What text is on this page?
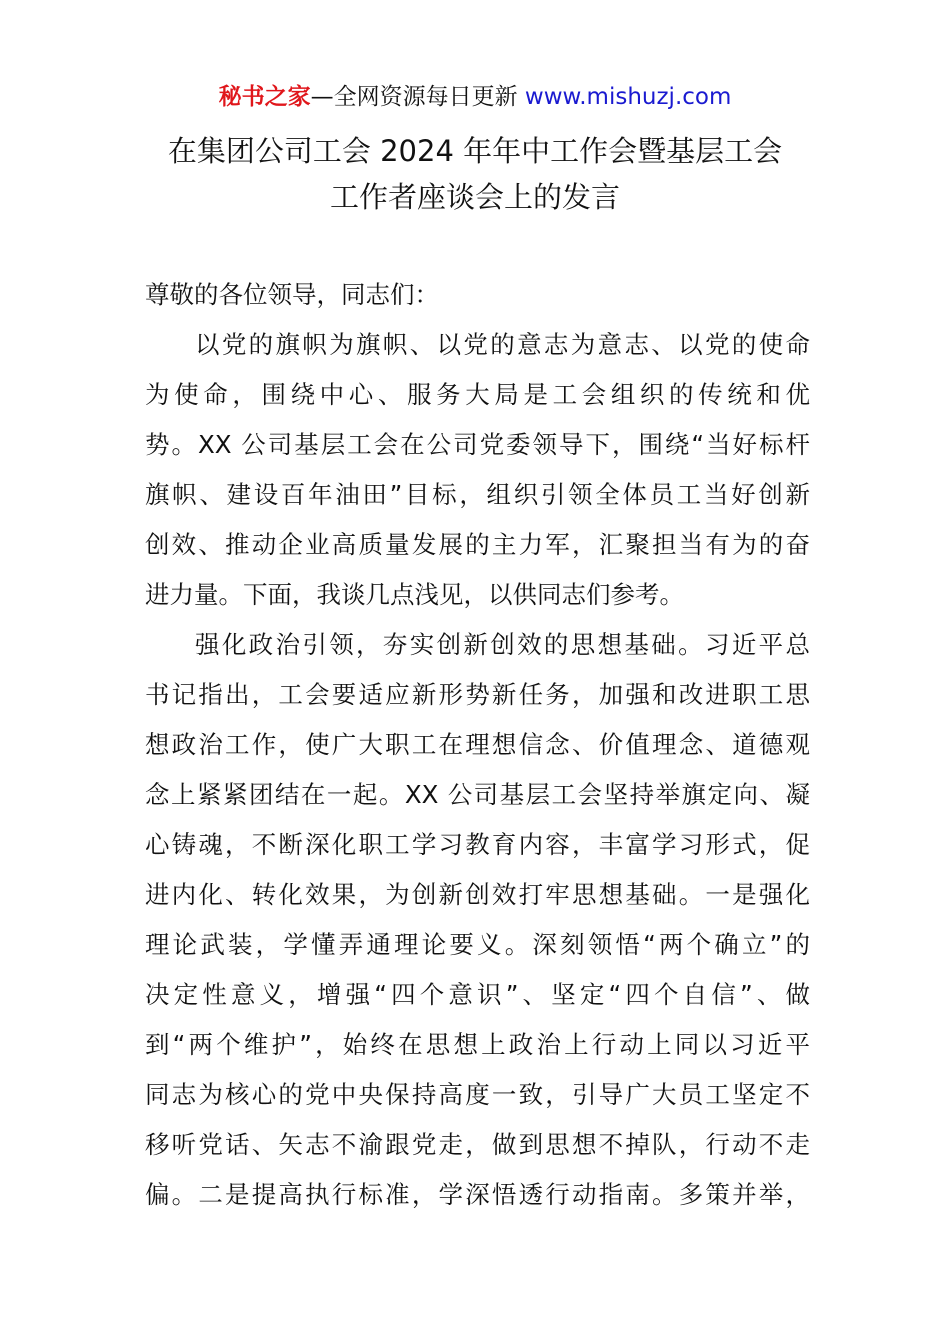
秘书之家—全网资源每日更新 www.mishuzj.com
在集团公司工会 2024 年年中工作会暨基层工会
工作者座谈会上的发言
尊敬的各位领导，同志们：
以党的旗帜为旗帜、以党的意志为意志、以党的使命
为使命，围绕中心、服务大局是工会组织的传统和优
势。XX 公司基层工会在公司党委领导下，围绕“当好标杆
旗帜、建设百年油田”目标，组织引领全体员工当好创新
创效、推动企业高质量发展的主力军，汇聚担当有为的奋
进力量。下面，我谈几点浅见，以供同志们参考。
强化政治引领，夯实创新创效的思想基础。习近平总
书记指出，工会要适应新形势新任务，加强和改进职工思
想政治工作，使广大职工在理想信念、价值理念、道德观
念上紧紧团结在一起。XX 公司基层工会坚持举旗定向、凝
心铸魂，不断深化职工学习教育内容，丰富学习形式，促
进内化、转化效果，为创新创效打牢思想基础。一是强化
理论武装，学懂弄通理论要义。深刻领悟“两个确立”的
决定性意义，增强“四个意识”、坚定“四个自信”、做
到“两个维护”，始终在思想上政治上行动上同以习近平
同志为核心的党中央保持高度一致，引导广大员工坚定不
移听党话、矢志不渝跟党走，做到思想不掉队，行动不走
偏。二是提高执行标准，学深悟透行动指南。多策并举，
